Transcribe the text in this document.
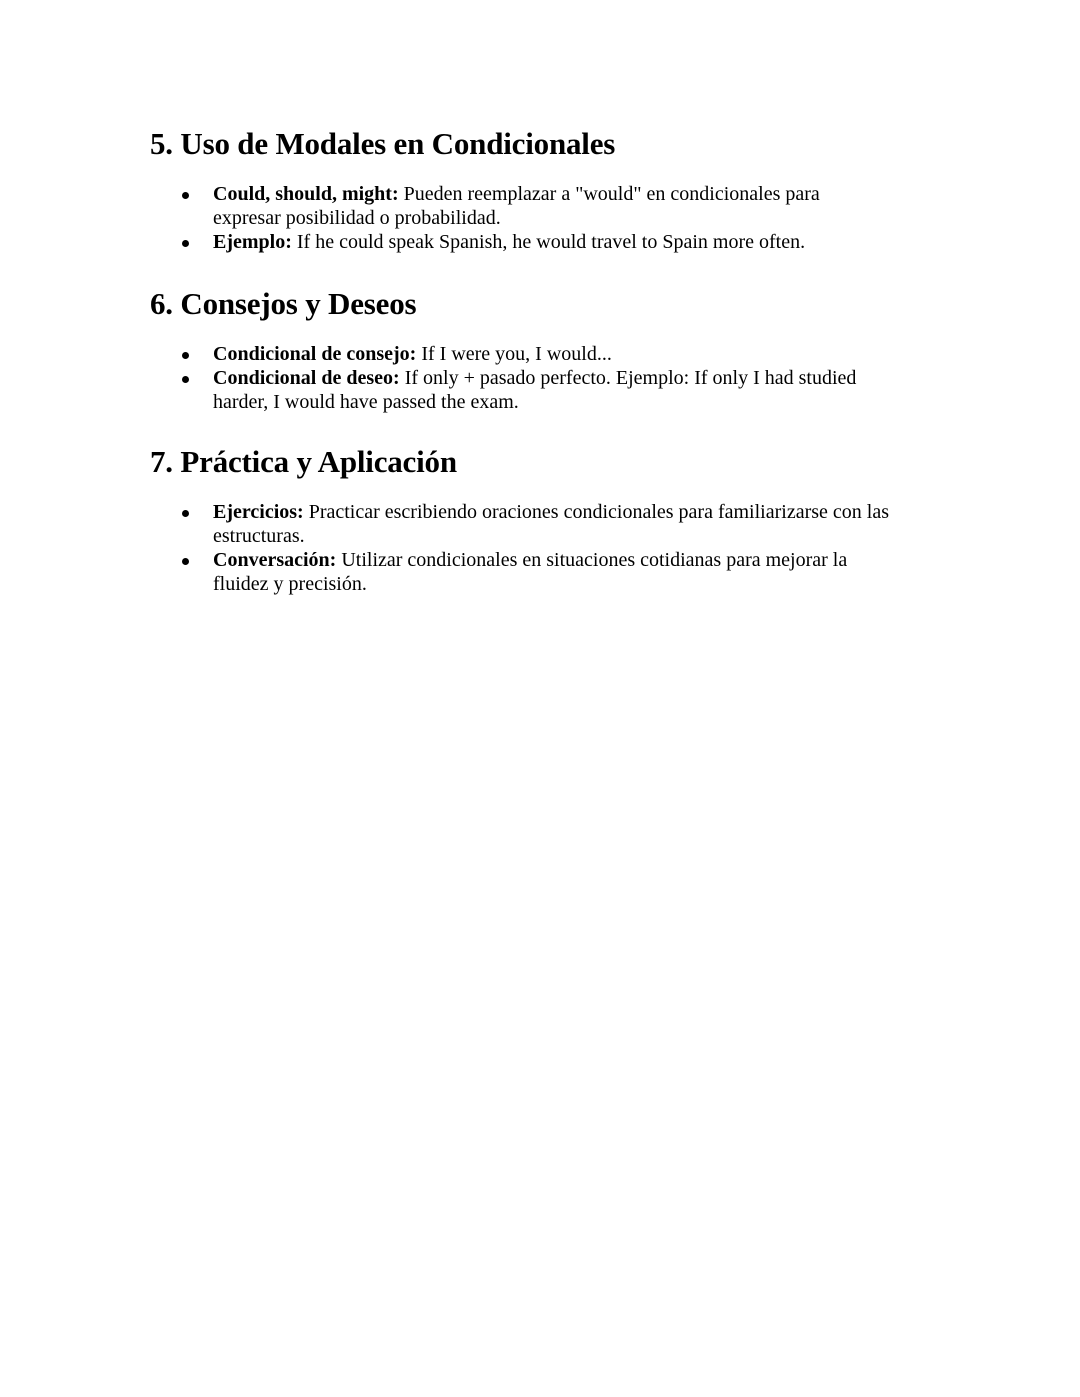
5. Uso de Modales en Condicionales
Could, should, might: Pueden reemplazar a "would" en condicionales para
expresar posibilidad o probabilidad.
Ejemplo: If he could speak Spanish, he would travel to Spain more often.
6. Consejos y Deseos
Condicional de consejo: If I were you, I would...
Condicional de deseo: If only + pasado perfecto. Ejemplo: If only I had studied
harder, I would have passed the exam.
7. Práctica y Aplicación
Ejercicios: Practicar escribiendo oraciones condicionales para familiarizarse con las
estructuras.
Conversación: Utilizar condicionales en situaciones cotidianas para mejorar la
fluidez y precisión.
